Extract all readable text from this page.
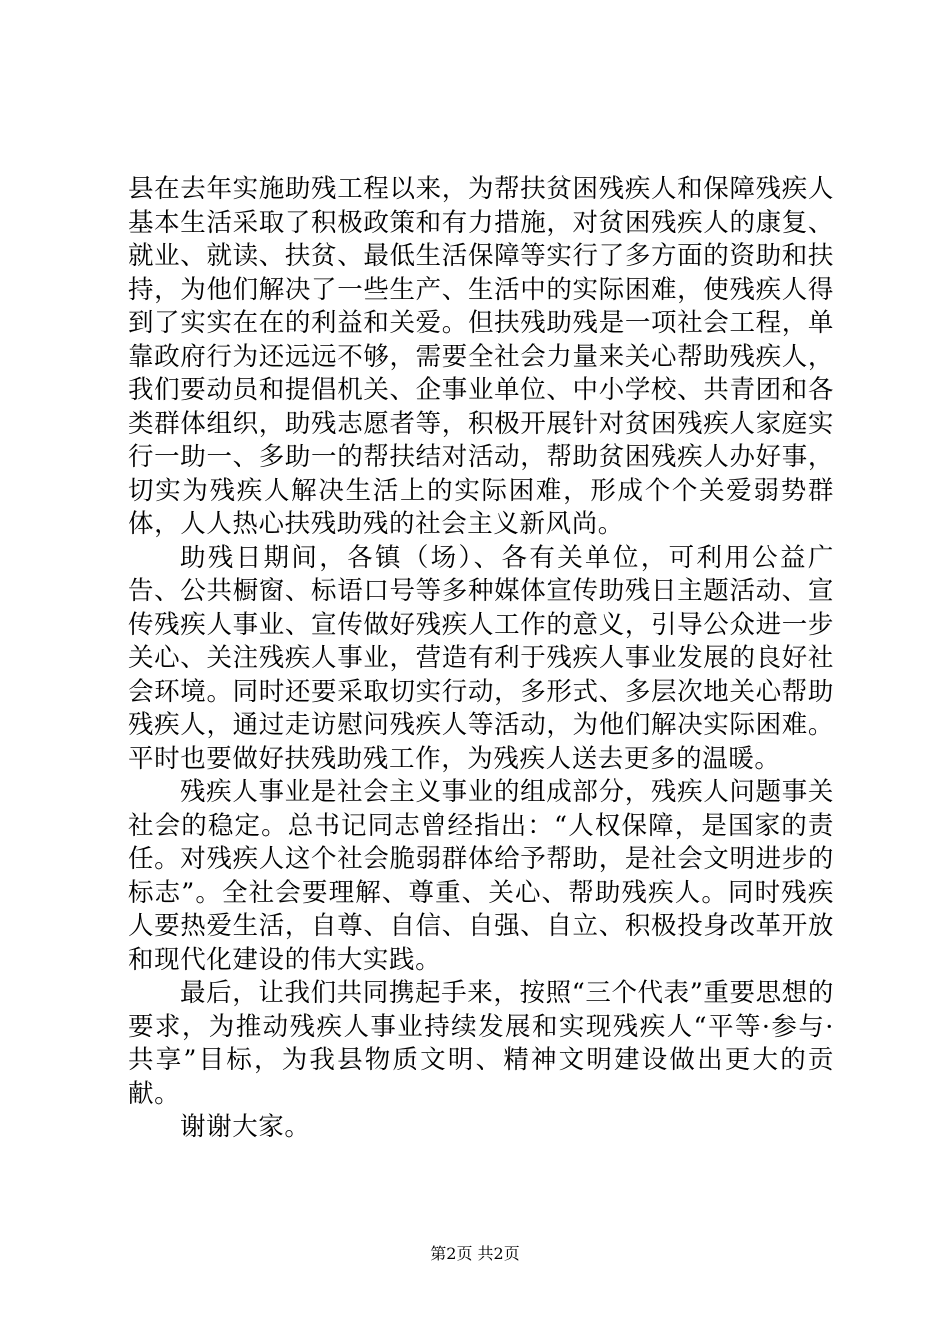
县在去年实施助残工程以来，为帮扶贫困残疾人和保障残疾人基本生活采取了积极政策和有力措施，对贫困残疾人的康复、就业、就读、扶贫、最低生活保障等实行了多方面的资助和扶持，为他们解决了一些生产、生活中的实际困难，使残疾人得到了实实在在的利益和关爱。但扶残助残是一项社会工程，单靠政府行为还远远不够，需要全社会力量来关心帮助残疾人，我们要动员和提倡机关、企事业单位、中小学校、共青团和各类群体组织，助残志愿者等，积极开展针对贫困残疾人家庭实行一助一、多助一的帮扶结对活动，帮助贫困残疾人办好事，切实为残疾人解决生活上的实际困难，形成个个关爱弱势群体，人人热心扶残助残的社会主义新风尚。

助残日期间，各镇（场）、各有关单位，可利用公益广告、公共橱窗、标语口号等多种媒体宣传助残日主题活动、宣传残疾人事业、宣传做好残疾人工作的意义，引导公众进一步关心、关注残疾人事业，营造有利于残疾人事业发展的良好社会环境。同时还要采取切实行动，多形式、多层次地关心帮助残疾人，通过走访慰问残疾人等活动，为他们解决实际困难。平时也要做好扶残助残工作，为残疾人送去更多的温暖。

残疾人事业是社会主义事业的组成部分，残疾人问题事关社会的稳定。总书记同志曾经指出：“人权保障，是国家的责任。对残疾人这个社会脆弱群体给予帮助，是社会文明进步的标志”。全社会要理解、尊重、关心、帮助残疾人。同时残疾人要热爱生活，自尊、自信、自强、自立、积极投身改革开放和现代化建设的伟大实践。

最后，让我们共同携起手来，按照“三个代表”重要思想的要求，为推动残疾人事业持续发展和实现残疾人“平等·参与·共享”目标，为我县物质文明、精神文明建设做出更大的贡献。

谢谢大家。

第2页 共2页
